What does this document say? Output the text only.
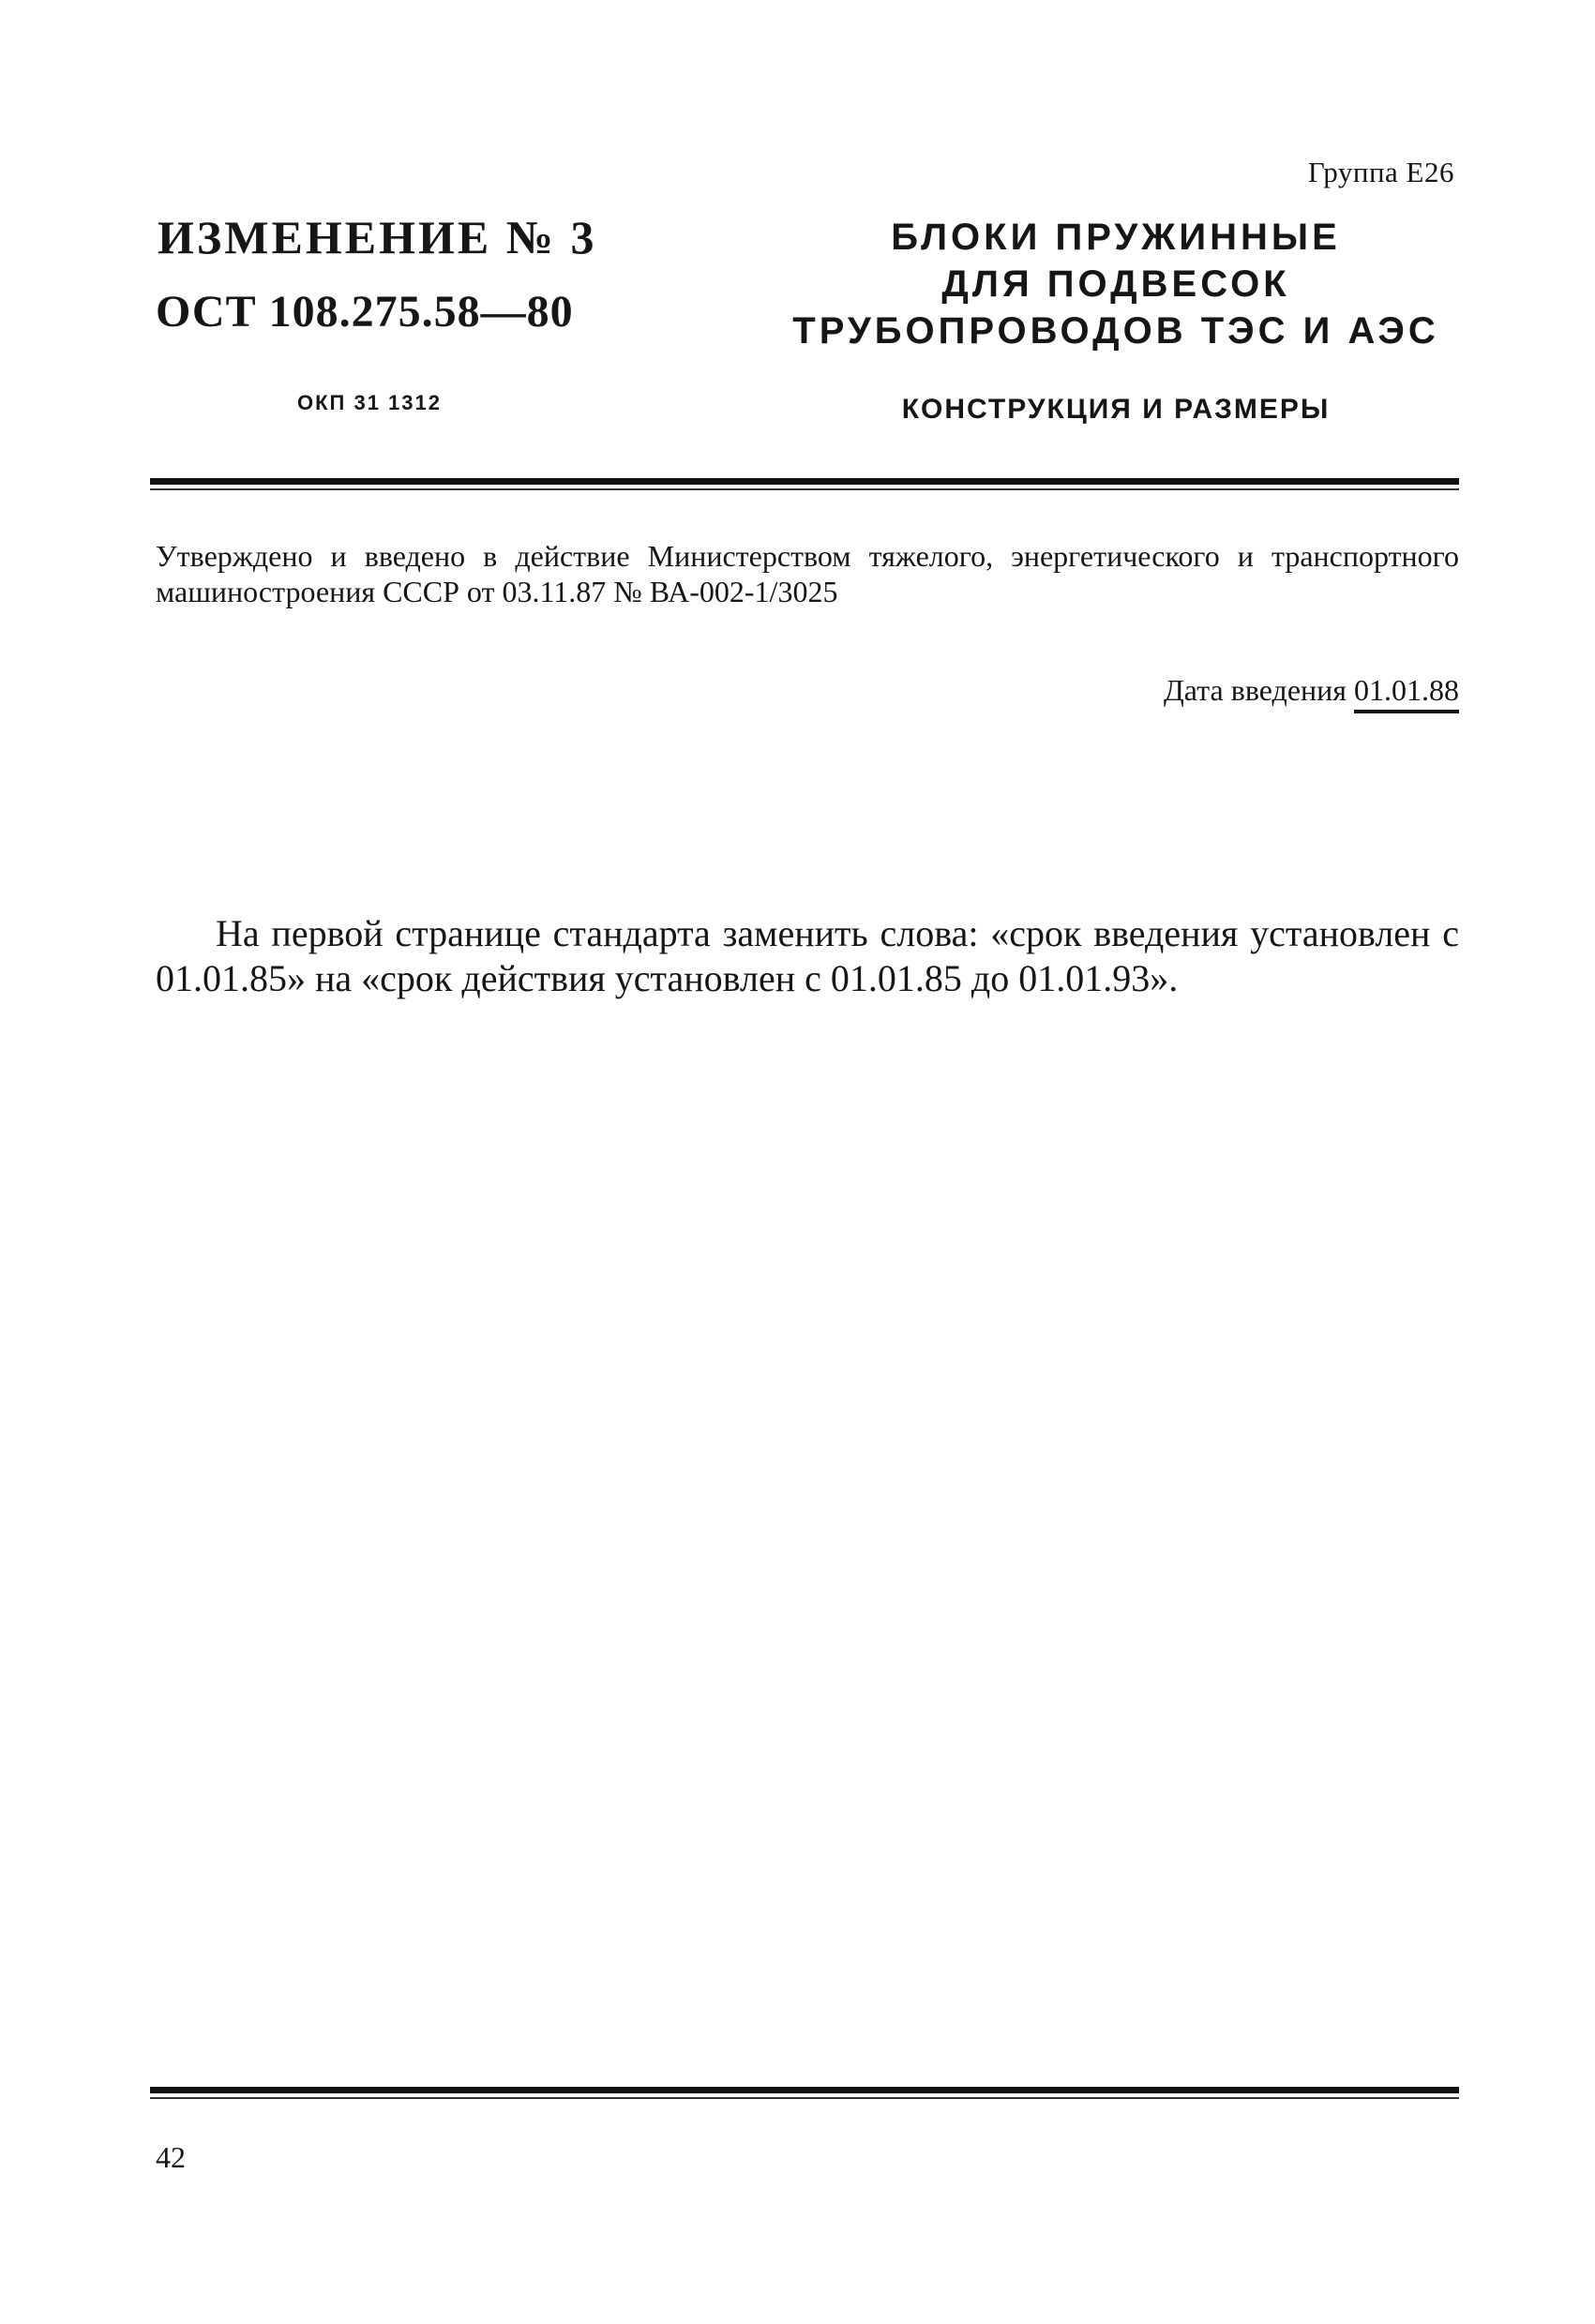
Группа Е26
ИЗМЕНЕНИЕ № 3
ОСТ 108.275.58—80
ОКП 31 1312
БЛОКИ ПРУЖИННЫЕ
ДЛЯ ПОДВЕСОК
ТРУБОПРОВОДОВ ТЭС И АЭС
КОНСТРУКЦИЯ И РАЗМЕРЫ
Утверждено и введено в действие Министерством тяжелого, энергетического и транспортного машиностроения СССР от 03.11.87 № ВА-002-1/3025
Дата введения 01.01.88
На первой странице стандарта заменить слова: «срок введения установлен с 01.01.85» на «срок действия установлен с 01.01.85 до 01.01.93».
42
